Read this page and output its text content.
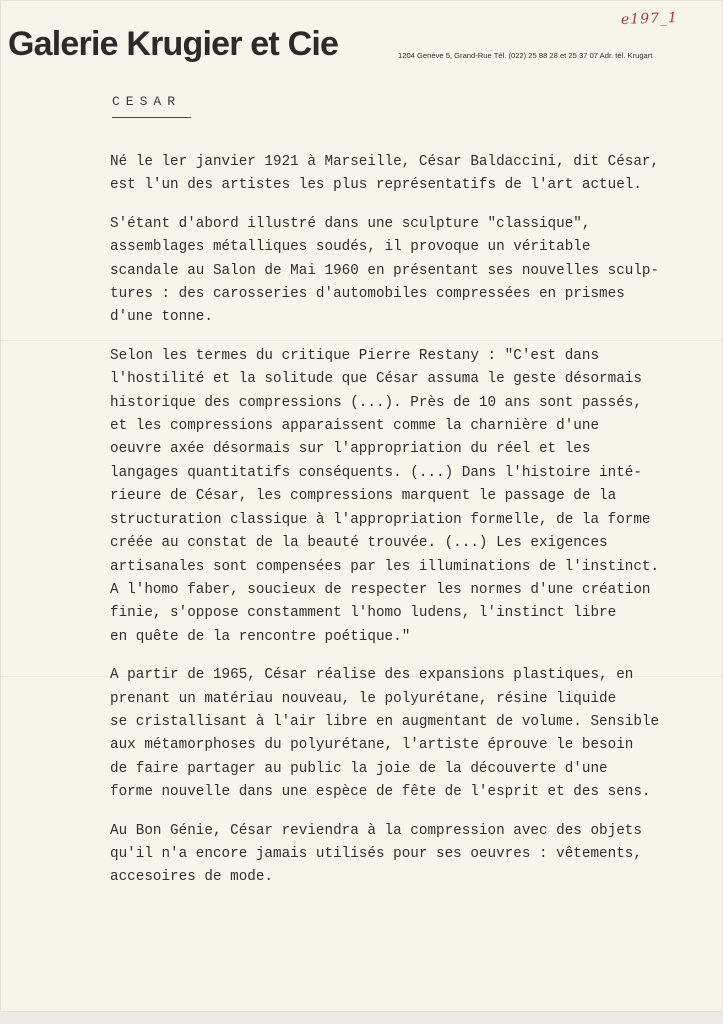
Galerie Krugier et Cie	1204 Genève 5, Grand-Rue Tél. (022) 25 88 28 et 25 37 07 Adr. tél. Krugart
e197_1
CESAR
Né le ler janvier 1921 à Marseille, César Baldaccini, dit César,
est l'un des artistes les plus représentatifs de l'art actuel.
S'étant d'abord illustré dans une sculpture "classique",
assemblages métalliques soudés, il provoque un véritable
scandale au Salon de Mai 1960 en présentant ses nouvelles sculp-
tures : des carosseries d'automobiles compressées en prismes
d'une tonne.
Selon les termes du critique Pierre Restany : "C'est dans
l'hostilité et la solitude que César assuma le geste désormais
historique des compressions (...). Près de 10 ans sont passés,
et les compressions apparaissent comme la charnière d'une
oeuvre axée désormais sur l'appropriation du réel et les
langages quantitatifs conséquents. (...) Dans l'histoire inté-
rieure de César, les compressions marquent le passage de la
structuration classique à l'appropriation formelle, de la forme
créée au constat de la beauté trouvée. (...) Les exigences
artisanales sont compensées par les illuminations de l'instinct.
A l'homo faber, soucieux de respecter les normes d'une création
finie, s'oppose constamment l'homo ludens, l'instinct libre
en quête de la rencontre poétique."
A partir de 1965, César réalise des expansions plastiques, en
prenant un matériau nouveau, le polyurétane, résine liquide
se cristallisant à l'air libre en augmentant de volume. Sensible
aux métamorphoses du polyurétane, l'artiste éprouve le besoin
de faire partager au public la joie de la découverte d'une
forme nouvelle dans une espèce de fête de l'esprit et des sens.
Au Bon Génie, César reviendra à la compression avec des objets
qu'il n'a encore jamais utilisés pour ses oeuvres : vêtements,
accesoires de mode.
